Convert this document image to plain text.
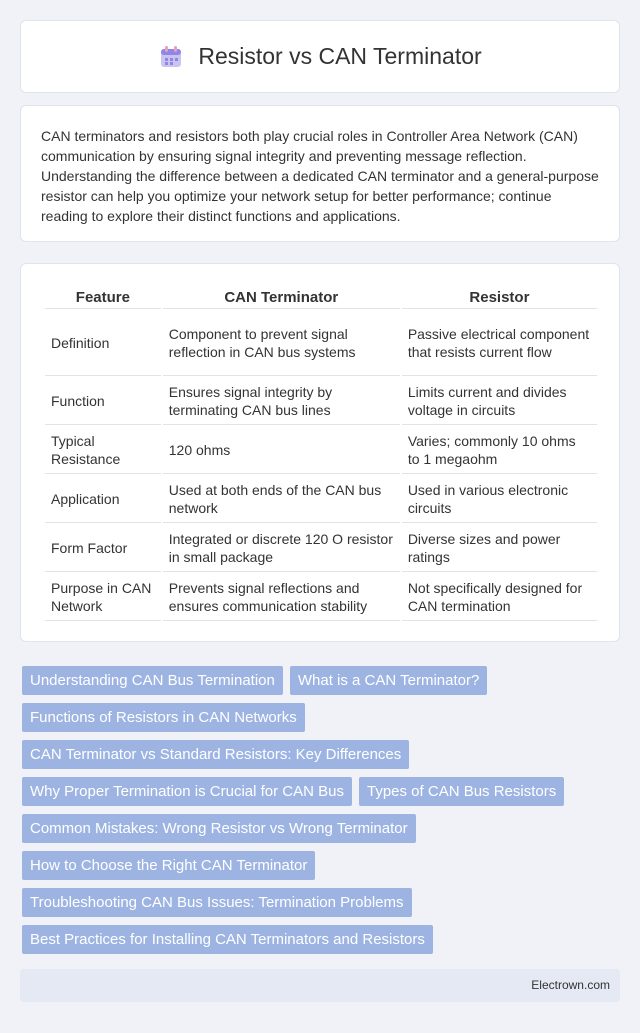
Resistor vs CAN Terminator

CAN terminators and resistors both play crucial roles in Controller Area Network (CAN) communication by ensuring signal integrity and preventing message reflection. Understanding the difference between a dedicated CAN terminator and a general-purpose resistor can help you optimize your network setup for better performance; continue reading to explore their distinct functions and applications.

Feature	CAN Terminator	Resistor
Definition	Component to prevent signal reflection in CAN bus systems	Passive electrical component that resists current flow
Function	Ensures signal integrity by terminating CAN bus lines	Limits current and divides voltage in circuits
Typical Resistance	120 ohms	Varies; commonly 10 ohms to 1 megaohm
Application	Used at both ends of the CAN bus network	Used in various electronic circuits
Form Factor	Integrated or discrete 120 O resistor in small package	Diverse sizes and power ratings
Purpose in CAN Network	Prevents signal reflections and ensures communication stability	Not specifically designed for CAN termination
Understanding CAN Bus Termination	What is a CAN Terminator?
Functions of Resistors in CAN Networks
CAN Terminator vs Standard Resistors: Key Differences
Why Proper Termination is Crucial for CAN Bus	Types of CAN Bus Resistors
Common Mistakes: Wrong Resistor vs Wrong Terminator
How to Choose the Right CAN Terminator
Troubleshooting CAN Bus Issues: Termination Problems
Best Practices for Installing CAN Terminators and Resistors
Electrown.com
